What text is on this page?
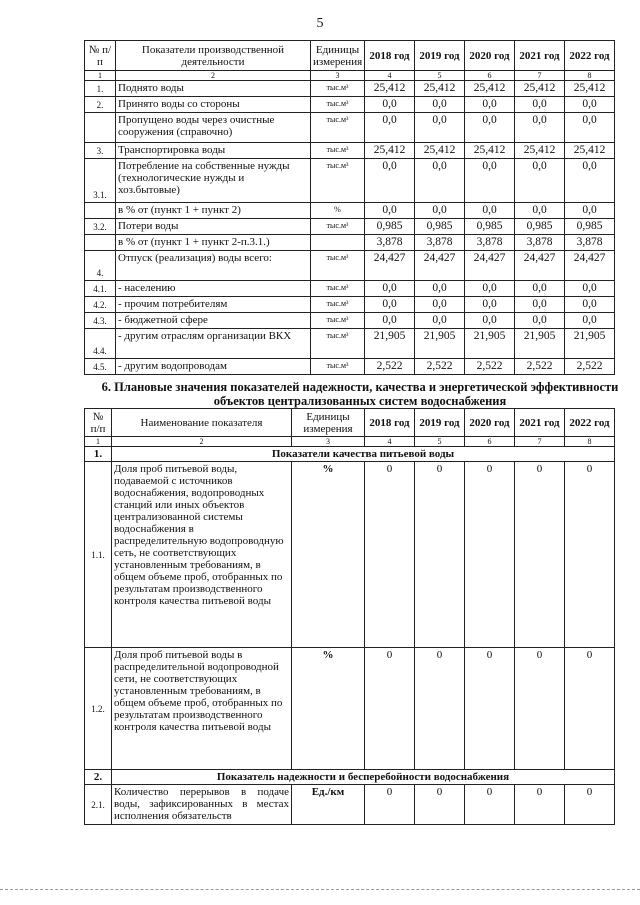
5
№ п/п	Показатели производственной деятельности	Единицы измерения	2018 год	2019 год	2020 год	2021 год	2022 год
1	2	3	4	5	6	7	8
1.	Поднято воды	тыс.м³	25,412	25,412	25,412	25,412	25,412
2.	Принято воды со стороны	тыс.м³	0,0	0,0	0,0	0,0	0,0
	Пропущено воды через очистные сооружения (справочно)	тыс.м³	0,0	0,0	0,0	0,0	0,0
3.	Транспортировка воды	тыс.м³	25,412	25,412	25,412	25,412	25,412
3.1.	Потребление на собственные нужды (технологические нужды и хоз.бытовые)	тыс.м³	0,0	0,0	0,0	0,0	0,0
	в % от (пункт 1 + пункт 2)	%	0,0	0,0	0,0	0,0	0,0
3.2.	Потери воды	тыс.м³	0,985	0,985	0,985	0,985	0,985
	в % от (пункт 1 + пункт 2-п.3.1.)		3,878	3,878	3,878	3,878	3,878
4.	Отпуск (реализация) воды всего:	тыс.м³	24,427	24,427	24,427	24,427	24,427
4.1.	- населению	тыс.м³	0,0	0,0	0,0	0,0	0,0
4.2.	- прочим потребителям	тыс.м³	0,0	0,0	0,0	0,0	0,0
4.3.	- бюджетной сфере	тыс.м³	0,0	0,0	0,0	0,0	0,0
4.4.	- другим отраслям организации ВКХ	тыс.м³	21,905	21,905	21,905	21,905	21,905
4.5.	- другим водопроводам	тыс.м³	2,522	2,522	2,522	2,522	2,522
6. Плановые значения показателей надежности, качества и энергетической эффективности объектов централизованных систем водоснабжения
№ п/п	Наименование показателя	Единицы измерения	2018 год	2019 год	2020 год	2021 год	2022 год
1	2	3	4	5	6	7	8
1.	Показатели качества питьевой воды						
1.1.	Доля проб питьевой воды, подаваемой с источников водоснабжения, водопроводных станций или иных объектов централизованной системы водоснабжения в распределительную водопроводную сеть, не соответствующих установленным требованиям, в общем объеме проб, отобранных по результатам производственного контроля качества питьевой воды	%	0	0	0	0	0
1.2.	Доля проб питьевой воды в распределительной водопроводной сети, не соответствующих установленным требованиям, в общем объеме проб, отобранных по результатам производственного контроля качества питьевой воды	%	0	0	0	0	0
2.	Показатель надежности и бесперебойности водоснабжения						
2.1.	Количество перерывов в подаче воды, зафиксированных в местах исполнения обязательств	Ед./км	0	0	0	0	0
